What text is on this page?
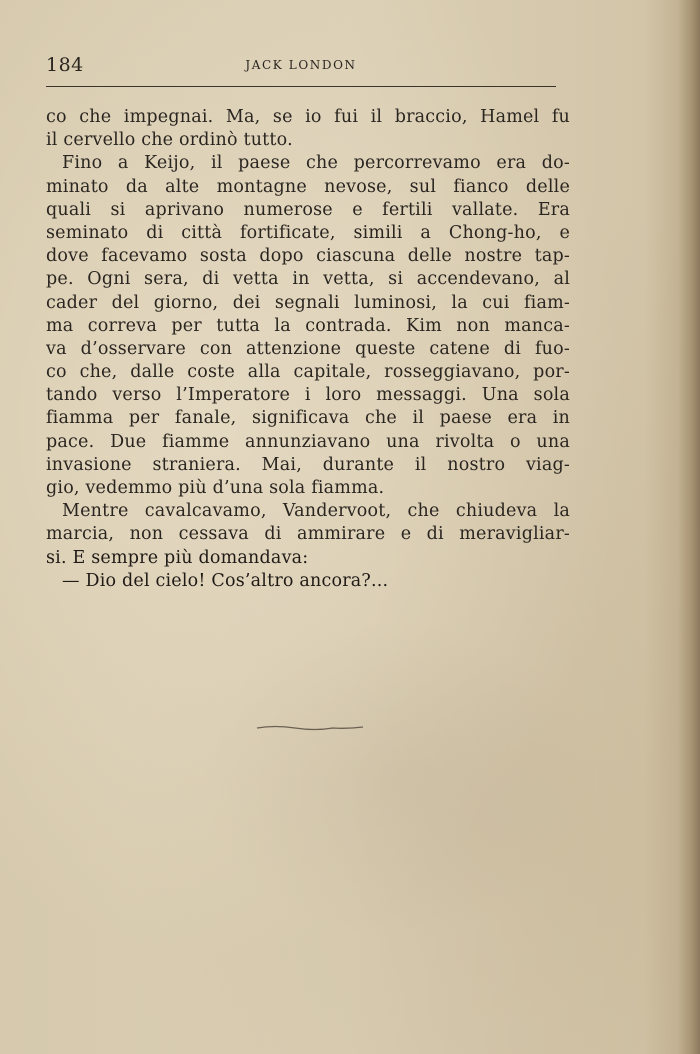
184	JACK LONDON
co che impegnai. Ma, se io fui il braccio, Hamel fu
il cervello che ordinò tutto.
Fino a Keijo, il paese che percorrevamo era do-
minato da alte montagne nevose, sul fianco delle
quali si aprivano numerose e fertili vallate. Era
seminato di città fortificate, simili a Chong-ho, e
dove facevamo sosta dopo ciascuna delle nostre tap-
pe. Ogni sera, di vetta in vetta, si accendevano, al
cader del giorno, dei segnali luminosi, la cui fiam-
ma correva per tutta la contrada. Kim non manca-
va d’osservare con attenzione queste catene di fuo-
co che, dalle coste alla capitale, rosseggiavano, por-
tando verso l’Imperatore i loro messaggi. Una sola
fiamma per fanale, significava che il paese era in
pace. Due fiamme annunziavano una rivolta o una
invasione straniera. Mai, durante il nostro viag-
gio, vedemmo più d’una sola fiamma.
Mentre cavalcavamo, Vandervoot, che chiudeva la
marcia, non cessava di ammirare e di meravigliar-
si. E sempre più domandava:
— Dio del cielo! Cos’altro ancora?...
